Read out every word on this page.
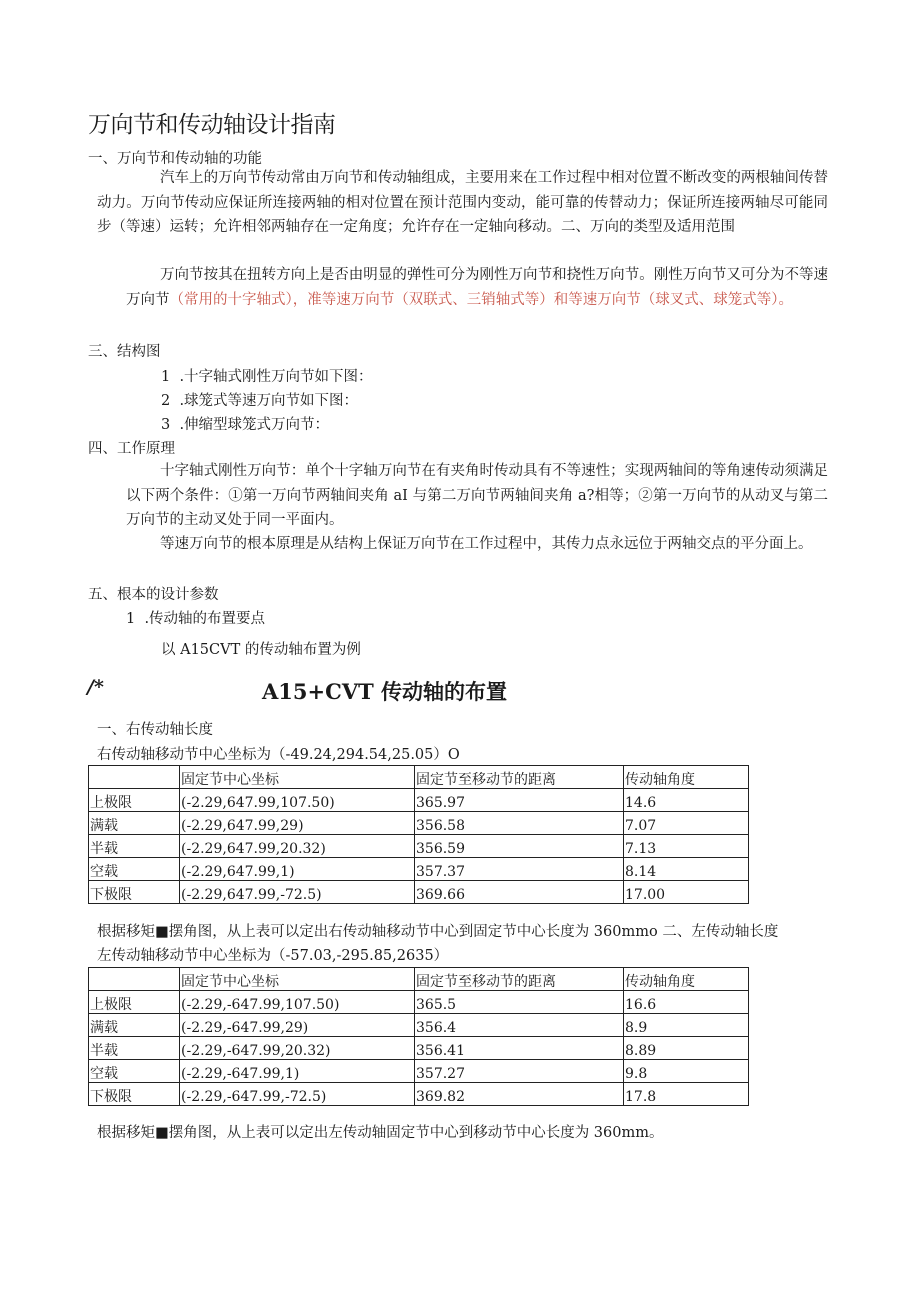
万向节和传动轴设计指南
一、万向节和传动轴的功能
汽车上的万向节传动常由万向节和传动轴组成，主要用来在工作过程中相对位置不断改变的两根轴间传替动力。万向节传动应保证所连接两轴的相对位置在预计范围内变动，能可靠的传替动力；保证所连接两轴尽可能同步（等速）运转；允许相邻两轴存在一定角度；允许存在一定轴向移动。二、万向的类型及适用范围
万向节按其在扭转方向上是否由明显的弹性可分为刚性万向节和挠性万向节。刚性万向节又可分为不等速万向节（常用的十字轴式），准等速万向节（双联式、三销轴式等）和等速万向节（球叉式、球笼式等）。
三、结构图
1  .十字轴式刚性万向节如下图：
2  .球笼式等速万向节如下图：
3  .伸缩型球笼式万向节：
四、工作原理
十字轴式刚性万向节：单个十字轴万向节在有夹角时传动具有不等速性；实现两轴间的等角速传动须满足以下两个条件：①第一万向节两轴间夹角 aI 与第二万向节两轴间夹角 a?相等；②第一万向节的从动叉与第二万向节的主动叉处于同一平面内。
等速万向节的根本原理是从结构上保证万向节在工作过程中，其传力点永远位于两轴交点的平分面上。
五、根本的设计参数
1  .传动轴的布置要点
以 A15CVT 的传动轴布置为例
/*	A15+CVT 传动轴的布置
一、右传动轴长度
右传动轴移动节中心坐标为（-49.24,294.54,25.05）O
	固定节中心坐标	固定节至移动节的距离	传动轴角度
上极限	(-2.29,647.99,107.50)	365.97	14.6
满载	(-2.29,647.99,29)	356.58	7.07
半载	(-2.29,647.99,20.32)	356.59	7.13
空载	(-2.29,647.99,1)	357.37	8.14
下极限	(-2.29,647.99,-72.5)	369.66	17.00
根据移矩■摆角图，从上表可以定出右传动轴移动节中心到固定节中心长度为 360mmo 二、左传动轴长度
左传动轴移动节中心坐标为（-57.03,-295.85,2635）
	固定节中心坐标	固定节至移动节的距离	传动轴角度
上极限	(-2.29,-647.99,107.50)	365.5	16.6
满载	(-2.29,-647.99,29)	356.4	8.9
半载	(-2.29,-647.99,20.32)	356.41	8.89
空载	(-2.29,-647.99,1)	357.27	9.8
下极限	(-2.29,-647.99,-72.5)	369.82	17.8
根据移矩■摆角图，从上表可以定出左传动轴固定节中心到移动节中心长度为 360mm。
